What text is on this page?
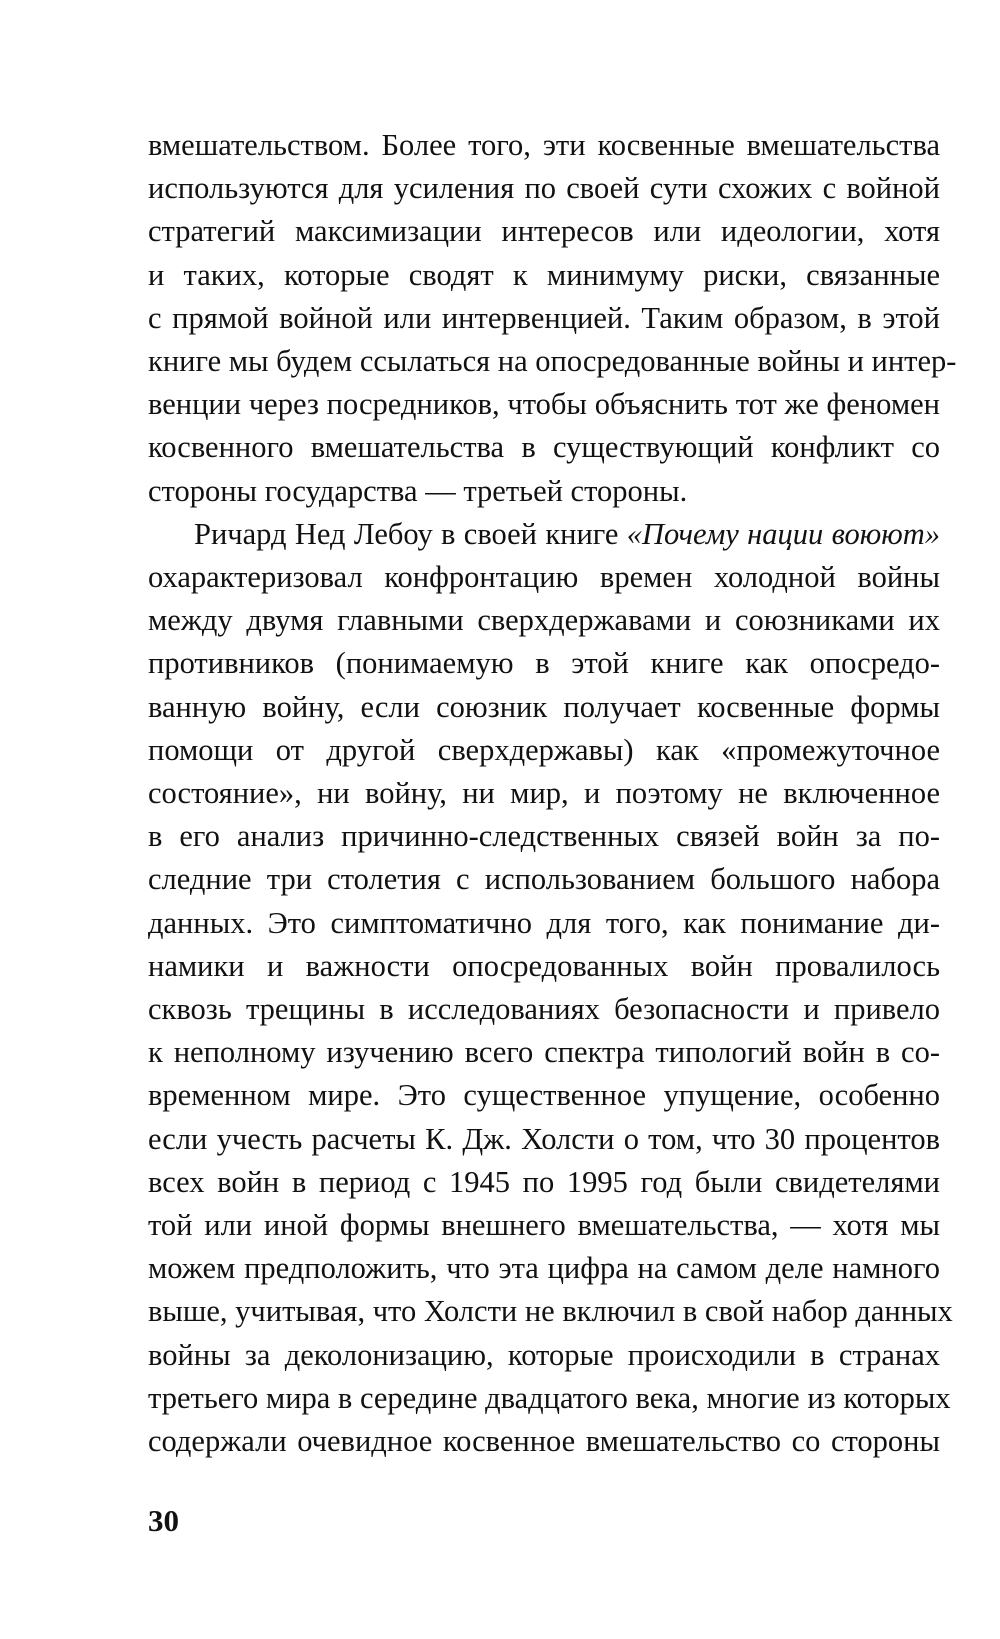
вмешательством. Более того, эти косвенные вмешательства
используются для усиления по своей сути схожих с войной
стратегий максимизации интересов или идеологии, хотя
и таких, которые сводят к минимуму риски, связанные
с прямой войной или интервенцией. Таким образом, в этой
книге мы будем ссылаться на опосредованные войны и интер-
венции через посредников, чтобы объяснить тот же феномен
косвенного вмешательства в существующий конфликт со
стороны государства — третьей стороны.
Ричард Нед Лебоу в своей книге «Почему нации воюют»
охарактеризовал конфронтацию времен холодной войны
между двумя главными сверхдержавами и союзниками их
противников (понимаемую в этой книге как опосредо-
ванную войну, если союзник получает косвенные формы
помощи от другой сверхдержавы) как «промежуточное
состояние», ни войну, ни мир, и поэтому не включенное
в его анализ причинно-следственных связей войн за по-
следние три столетия с использованием большого набора
данных. Это симптоматично для того, как понимание ди-
намики и важности опосредованных войн провалилось
сквозь трещины в исследованиях безопасности и привело
к неполному изучению всего спектра типологий войн в со-
временном мире. Это существенное упущение, особенно
если учесть расчеты К. Дж. Холсти о том, что 30 процентов
всех войн в период с 1945 по 1995 год были свидетелями
той или иной формы внешнего вмешательства, — хотя мы
можем предположить, что эта цифра на самом деле намного
выше, учитывая, что Холсти не включил в свой набор данных
войны за деколонизацию, которые происходили в странах
третьего мира в середине двадцатого века, многие из которых
содержали очевидное косвенное вмешательство со стороны
30
